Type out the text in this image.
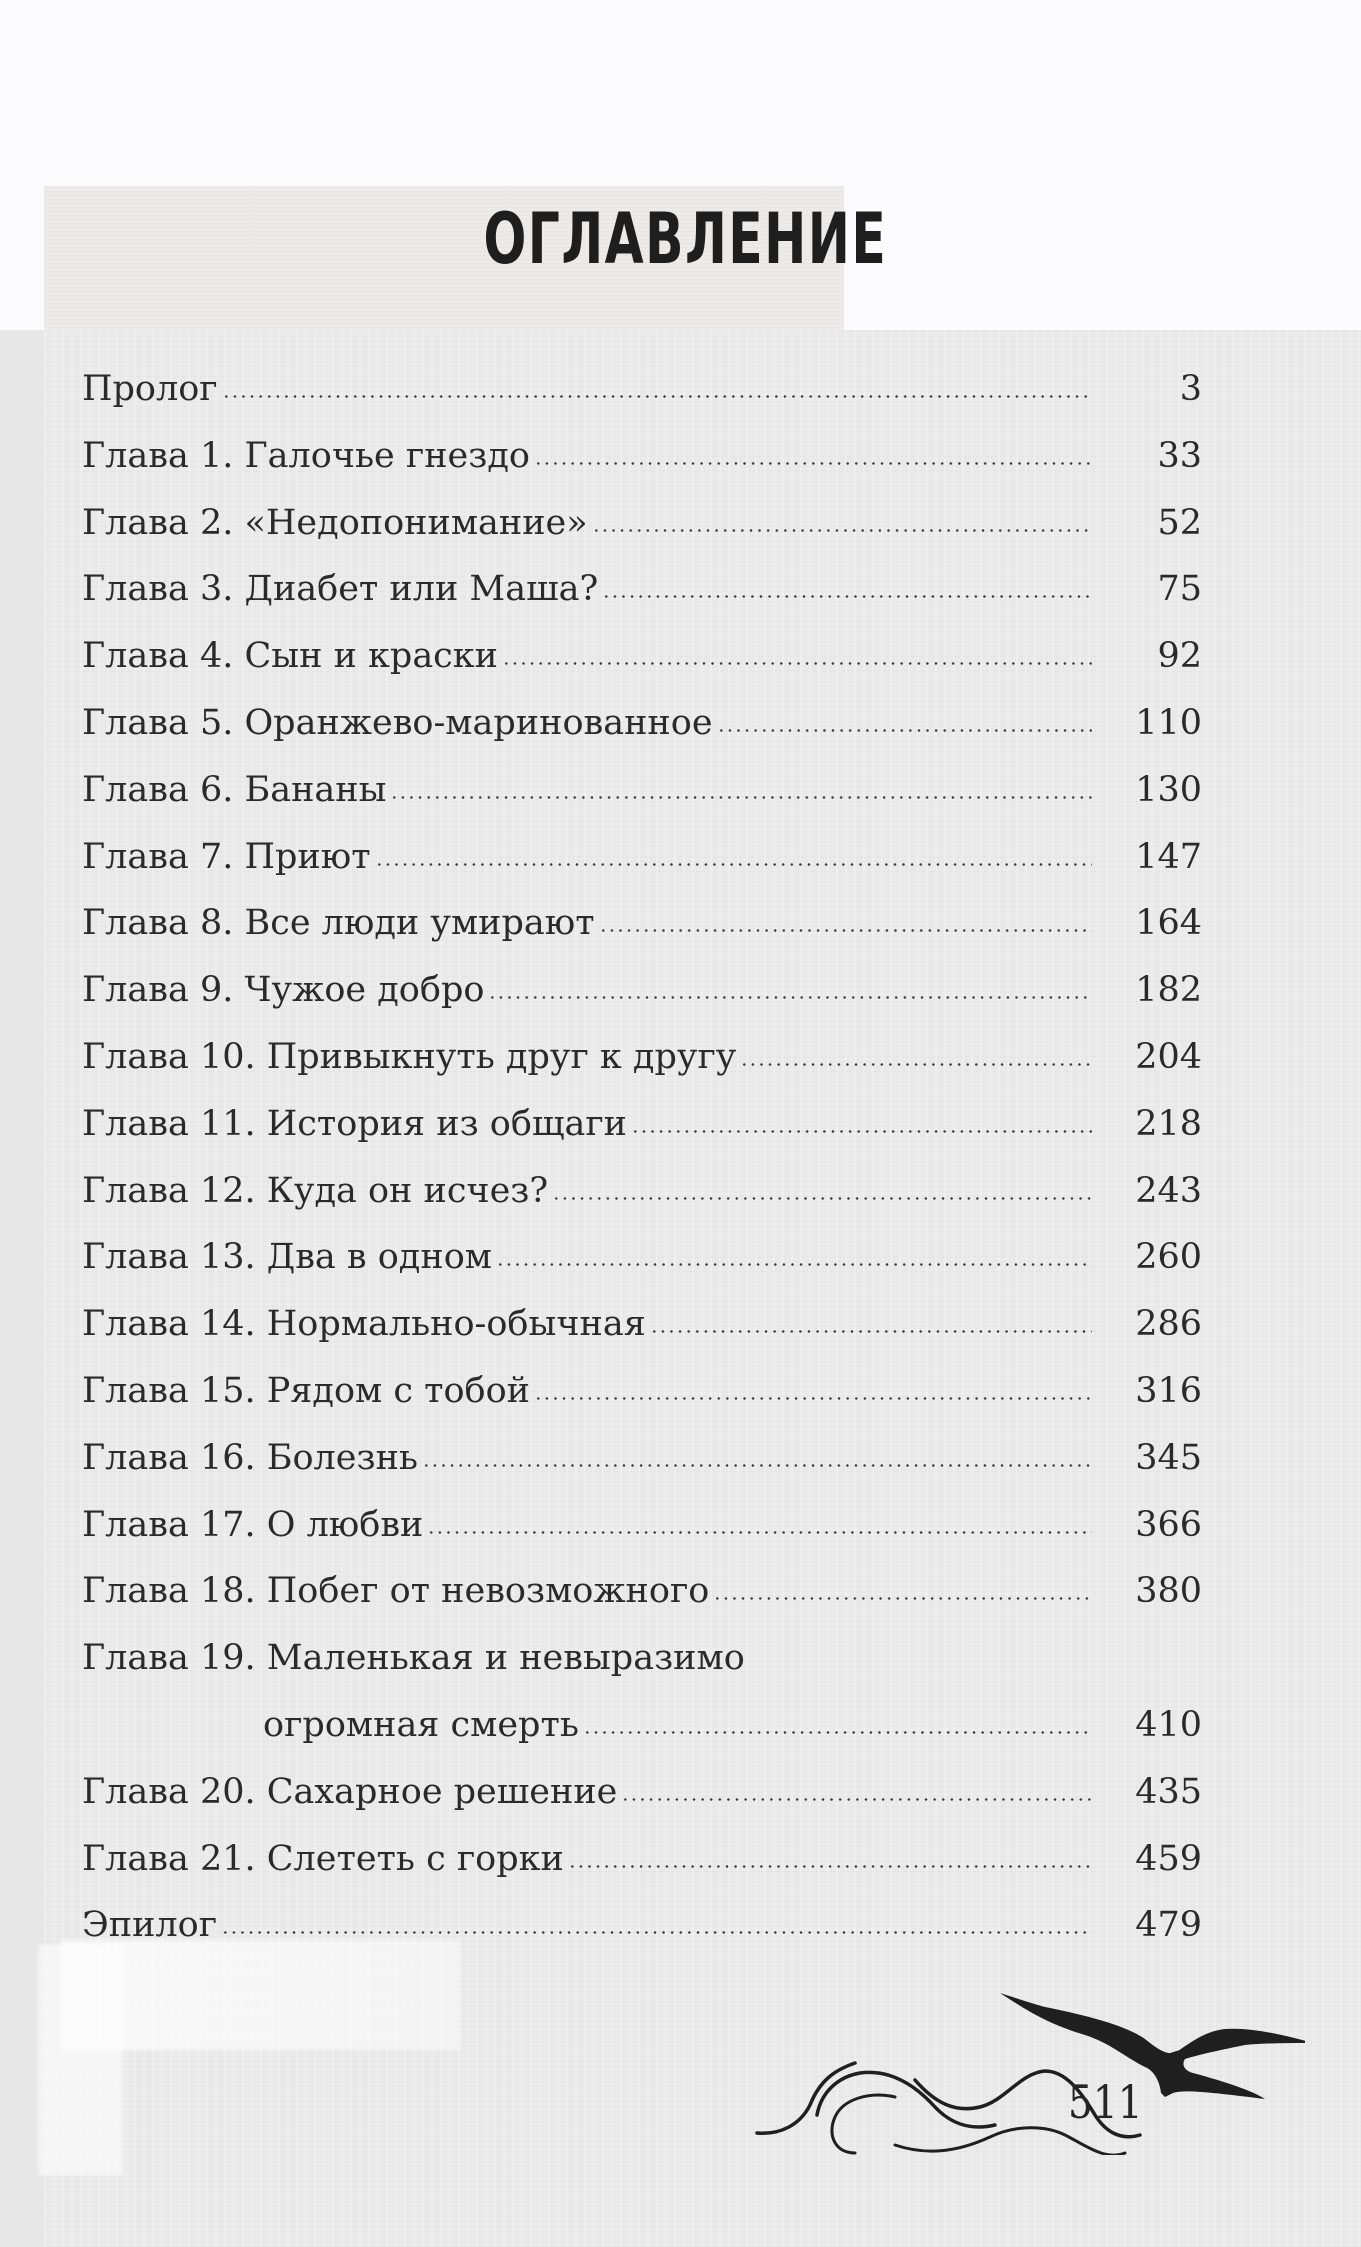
ОГЛАВЛЕНИЕ
Пролог	3
Глава 1. Галочье гнездо	33
Глава 2. «Недопонимание»	52
Глава 3. Диабет или Маша?	75
Глава 4. Сын и краски	92
Глава 5. Оранжево-маринованное	110
Глава 6. Бананы	130
Глава 7. Приют	147
Глава 8. Все люди умирают	164
Глава 9. Чужое добро	182
Глава 10. Привыкнуть друг к другу	204
Глава 11. История из общаги	218
Глава 12. Куда он исчез?	243
Глава 13. Два в одном	260
Глава 14. Нормально-обычная	286
Глава 15. Рядом с тобой	316
Глава 16. Болезнь	345
Глава 17. О любви	366
Глава 18. Побег от невозможного	380
Глава 19. Маленькая и невыразимо
огромная смерть	410
Глава 20. Сахарное решение	435
Глава 21. Слететь с горки	459
Эпилог	479
511
